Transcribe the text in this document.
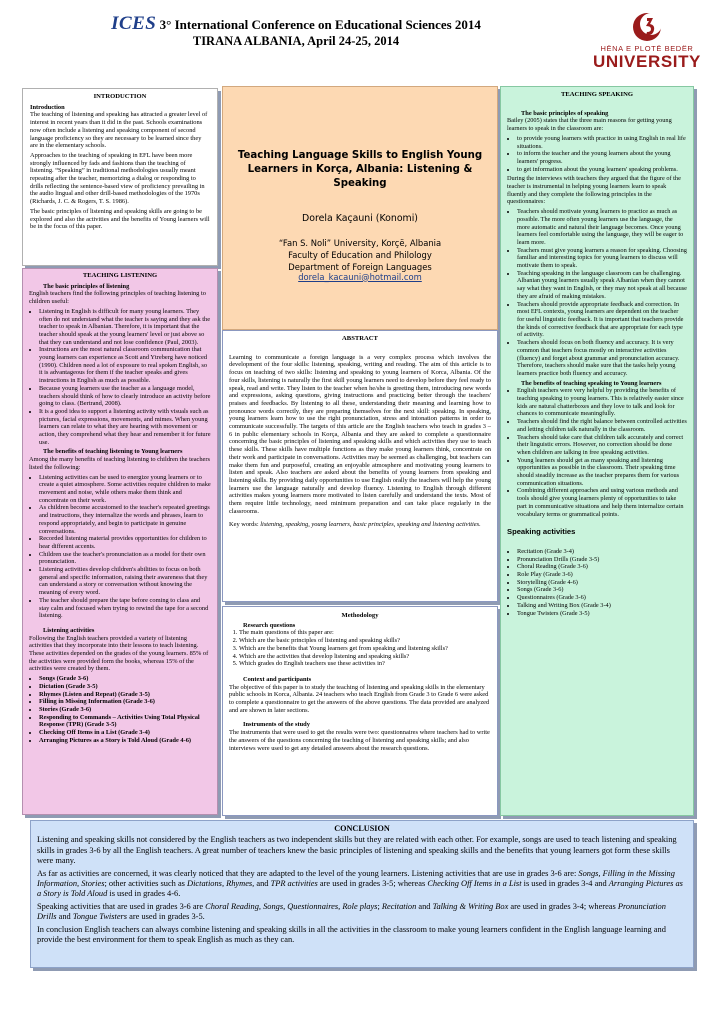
ICES 3° International Conference on Educational Sciences 2014
TIRANA ALBANIA, April 24-25, 2014
HËNA E PLOTË BEDËR
UNIVERSITY
INTRODUCTION

Introduction

The teaching of listening and speaking has attracted a greater level of interest in recent years than it did in the past. Schools examinations now often include a listening and speaking component of second language proficiency so they are necessary to be learned since they are in the elementary schools.

Approaches to the teaching of speaking in EFL have been more strongly influenced by fads and fashions than the teaching of listening. “Speaking” in traditional methodologies usually meant repeating after the teacher, memorizing a dialog or responding to drills reflecting the sentence-based view of proficiency prevailing in the audio lingual and other drill-based methodologies of the 1970s (Richards, J. C. & Rogers, T. S. 1986).

The basic principles of listening and speaking skills are going to be explored and also the activities and the benefits of Young learners will be in the focus of this paper.

TEACHING LISTENING

The basic principles of listening

English teachers find the following principles of teaching listening to children useful:

• Listening in English is difficult for many young learners. They often do not understand what the teacher is saying and they ask the teacher to speak in Albanian. Therefore, it is important that the teacher should speak at the young learners' level or just above so that they can understand and not lose confidence (Paul, 2003).
• Instructions are the most natural classroom communication that young learners can experience as Scott and Ytreberg have noticed (1990). Children need a lot of exposure to real spoken English, so it is advantageous for them if the teacher speaks and gives instructions in English as much as possible.
• Because young learners use the teacher as a language model, teachers should think of how to clearly introduce an activity before going to class. (Bertrand, 2008).
• It is a good idea to support a listening activity with visuals such as pictures, facial expressions, movements, and mimes. When young learners can relate to what they are hearing with movement or action, they comprehend what they hear and remember it for future use.

The benefits of teaching listening to Young learners

Among the many benefits of teaching listening to children the teachers listed the following:

• Listening activities can be used to energize young learners or to create a quiet atmosphere. Some activities require children to make movement and noise, while others make them think and concentrate on their work.
• As children become accustomed to the teacher's repeated greetings and instructions, they internalize the words and phrases, learn to respond appropriately, and begin to participate in genuine conversations.
• Recorded listening material provides opportunities for children to hear different accents.
• Children use the teacher's pronunciation as a model for their own pronunciation.
• Listening activities develop children's abilities to focus on both general and specific information, raising their awareness that they can understand a story or conversation without knowing the meaning of every word.
• The teacher should prepare the tape before coming to class and stay calm and focused when trying to rewind the tape for a second listening.

Listening activities

Following the English teachers provided a variety of listening activities that they incorporate into their lessons to teach listening. These activities depended on the grades of the young learners. 85% of the activities were provided form the books, whereas 15% of the activities were created by them.

• Songs (Grade 3-6)
• Dictation (Grade 3-5)
• Rhymes (Listen and Repeat) (Grade 3-5)
• Filling in Missing Information (Grade 3-6)
• Stories (Grade 3-6)
• Responding to Commands – Activities Using Total Physical Response (TPR) (Grade 3-5)
• Checking Off Items in a List (Grade 3-4)
• Arranging Pictures as a Story is Told Aloud (Grade 4-6)
Teaching Language Skills to English Young Learners in Korça, Albania: Listening & Speaking
Dorela Kaçauni (Konomi)
“Fan S. Noli” University, Korçë, Albania
Faculty of Education and Philology
Department of Foreign Languages
dorela_kacauni@hotmail.com
ABSTRACT

Learning to communicate a foreign language is a very complex process which involves the development of the four skills: listening, speaking, writing and reading. The aim of this article is to focus on teaching of two skills: listening and speaking to young learners of Korca, Albania. Of the four skills, listening is naturally the first skill young learners need to develop before they feel ready to speak, read and write. They listen to the teacher when he/she is greeting them, introducing new words and expressions, asking questions, giving instructions and practicing better through the teachers' praises and feedbacks. By listening to all these, understanding their meaning and learning how to pronounce words correctly, they are preparing themselves for the next skill: speaking. In speaking, young learners learn how to use the right pronunciation, stress and intonation patterns in order to communicate successfully. The targets of this article are the English teachers who teach in grades 3 – 6 in public elementary schools in Korça, Albania and they are asked to complete a questionnaire concerning the basic principles of listening and speaking skills and which activities they use to teach these skills. These skills have multiple functions as they make young learners think, concentrate on their work and participate in conversations. Activities may be seemed as challenging, but teachers can make them fun and purposeful, creating an enjoyable atmosphere and motivating young learners to listen and speak. Also teachers are asked about the benefits of young learners from speaking and listening skills. By providing daily opportunities to use English orally the teachers will help the young learners use the language naturally and develop fluency. Listening to English through different activities makes young learners more motivated to listen carefully and understand the texts. Most of them require little technology, need minimum preparation and can take place regularly in the classrooms.

Key words: listening, speaking, young learners, basic principles, speaking and listening activities.

Methodology

Research questions

1. The main questions of this paper are:
2. Which are the basic principles of listening and speaking skills?
3. Which are the benefits that Young learners get from speaking and listening skills?
4. Which are the activities that develop listening and speaking skills?
5. Which grades do English teachers use these activities in?

Context and participants

The objective of this paper is to study the teaching of listening and speaking skills in the elementary public schools in Korca, Albania. 24 teachers who teach English from Grade 3 to Grade 6 were asked to complete a questionnaire to get the answers of the above questions. The data provided are analyzed and are shown in later sections.

Instruments of the study

The instruments that were used to get the results were two: questionnaires where teachers had to write the answers of the questions concerning the teaching of listening and speaking skills; and also interviews were used to get any detailed answers about the research questions.

TEACHING SPEAKING

The basic principles of speaking

Bailey (2005) states that the three main reasons for getting young learners to speak in the classroom are:

• to provide young learners with practice in using English in real life situations.
• to inform the teacher and the young learners about the young learners' progress.
• to get information about the young learners' speaking problems.

During the interviews with teachers they argued that the figure of the teacher is instrumental in helping young learners learn to speak fluently and they complete the following principles in the questionnaires:

• Teachers should motivate young learners to practice as much as possible. The more often young learners use the language, the more automatic and natural their language becomes. Once young learners feel comfortable using the language, they will be eager to learn more.
• Teachers must give young learners a reason for speaking. Choosing familiar and interesting topics for young learners to discuss will motivate them to speak.
• Teaching speaking in the language classroom can be challenging. Albanian young learners usually speak Albanian when they cannot say what they want in English, or they may not speak at all because they are afraid of making mistakes.
• Teachers should provide appropriate feedback and correction. In most EFL contexts, young learners are dependent on the teacher for useful linguistic feedback. It is important that teachers provide the kinds of corrective feedback that are appropriate for each type of activity.
• Teachers should focus on both fluency and accuracy. It is very common that teachers focus mostly on interactive activities (fluency) and forget about grammar and pronunciation accuracy. Therefore, teachers should make sure that the tasks help young learners practice both fluency and accuracy.

The benefits of teaching speaking to Young learners

• English teachers were very helpful by providing the benefits of teaching speaking to young learners. This is relatively easier since kids are natural chatterboxes and they love to talk and look for chances to communicate meaningfully.
• Teachers should find the right balance between controlled activities and letting children talk naturally in the classroom.
• Teachers should take care that children talk accurately and correct their linguistic errors. However, no correction should be done when children are talking in free speaking activities.
• Young learners should get as many speaking and listening opportunities as possible in the classroom. Their speaking time should steadily increase as the teacher prepares them for various communication situations.
• Combining different approaches and using various methods and tools should give young learners plenty of opportunities to take part in communicative situations and help them internalize certain vocabulary terms or grammatical points.
Speaking activities
• Recitation (Grade 3-4)
• Pronunciation Drills (Grade 3-5)
• Choral Reading (Grade 3-6)
• Role Play (Grade 3-6)
• Storytelling (Grade 4-6)
• Songs (Grade 3-6)
• Questionnaires (Grade 3-6)
• Talking and Writing Box (Grade 3-4)
• Tongue Twisters (Grade 3-5)
CONCLUSION

Listening and speaking skills not considered by the English teachers as two independent skills but they are related with each other. For example, songs are used to teach listening and speaking skills in grades 3-6 by all the English teachers. A great number of teachers knew the basic principles of listening and speaking skills and the benefits that young learners got form these skills were many.

As far as activities are concerned, it was clearly noticed that they are adapted to the level of the young learners. Listening activities that are use in grades 3-6 are: Songs, Filling in the Missing Information, Stories; other activities such as Dictations, Rhymes, and TPR activities are used in grades 3-5; whereas Checking Off Items in a List is used in grades 3-4 and Arranging Pictures as a Story is Told Aloud is used in grades 4-6.

Speaking activities that are used in grades 3-6 are Choral Reading, Songs, Questionnaires, Role plays; Recitation and Talking & Writing Box are used in grades 3-4; whereas Pronunciation Drills and Tongue Twisters are used in grades 3-5.

In conclusion English teachers can always combine listening and speaking skills in all the activities in the classroom to make young learners confident in the English language learning and provide the best environment for them to speak English as much as they can.
